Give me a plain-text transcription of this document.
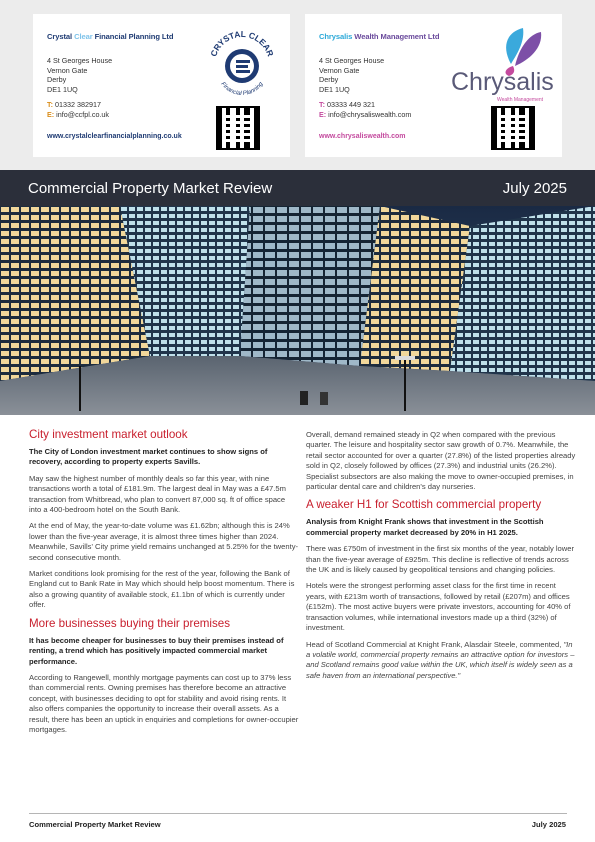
Crystal Clear Financial Planning Ltd
CRYSTAL CLEAR
Financial Planning
4 St Georges House
Vernon Gate
Derby
DE1 1UQ
T: 01332 382917
E: info@ccfpl.co.uk
www.crystalclearfinancialplanning.co.uk
Chrysalis Wealth Management Ltd
Chrysalis
Wealth Management
4 St Georges House
Vernon Gate
Derby
DE1 1UQ
T: 03333 449 321
E: info@chrysaliswealth.com
www.chrysaliswealth.com
Commercial Property Market Review	July 2025
City investment market outlook

The City of London investment market continues to show signs of recovery, according to property experts Savills.

May saw the highest number of monthly deals so far this year, with nine transactions worth a total of £181.9m. The largest deal in May was a £47.5m transaction from Whitbread, who plan to convert 87,000 sq. ft of office space into a 400-bedroom hotel on the South Bank.

At the end of May, the year-to-date volume was £1.62bn; although this is 24% lower than the five-year average, it is almost three times higher than 2024. Meanwhile, Savills' City prime yield remains unchanged at 5.25% for the twenty-second consecutive month.

Market conditions look promising for the rest of the year, following the Bank of England cut to Bank Rate in May which should help boost momentum. There is also a growing quantity of available stock, £1.1bn of which is currently under offer.

More businesses buying their premises

It has become cheaper for businesses to buy their premises instead of renting, a trend which has positively impacted commercial market performance.

According to Rangewell, monthly mortgage payments can cost up to 37% less than commercial rents. Owning premises has therefore become an attractive concept, with businesses deciding to opt for stability and avoid rising rents. It also offers companies the opportunity to increase their overall assets. As a result, there has been an uptick in enquiries and completions for owner-occupier mortgages.

Overall, demand remained steady in Q2 when compared with the previous quarter. The leisure and hospitality sector saw growth of 0.7%. Meanwhile, the retail sector accounted for over a quarter (27.8%) of the listed properties already sold in Q2, closely followed by offices (27.3%) and industrial units (26.2%). Specialist subsectors are also making the move to owner-occupied premises, in particular dental care and children's day nurseries.

A weaker H1 for Scottish commercial property

Analysis from Knight Frank shows that investment in the Scottish commercial property market decreased by 20% in H1 2025.

There was £750m of investment in the first six months of the year, notably lower than the five-year average of £925m. This decline is reflective of trends across the UK and is likely caused by geopolitical tensions and changing policies.

Hotels were the strongest performing asset class for the first time in recent years, with £213m worth of transactions, followed by retail (£207m) and offices (£152m). The most active buyers were private investors, accounting for 40% of transaction volumes, while international investors made up a third (32%) of investment.

Head of Scotland Commercial at Knight Frank, Alasdair Steele, commented, "In a volatile world, commercial property remains an attractive option for investors – and Scotland remains good value within the UK, which itself is widely seen as a safe haven from an international perspective."

Commercial Property Market Review	July 2025
